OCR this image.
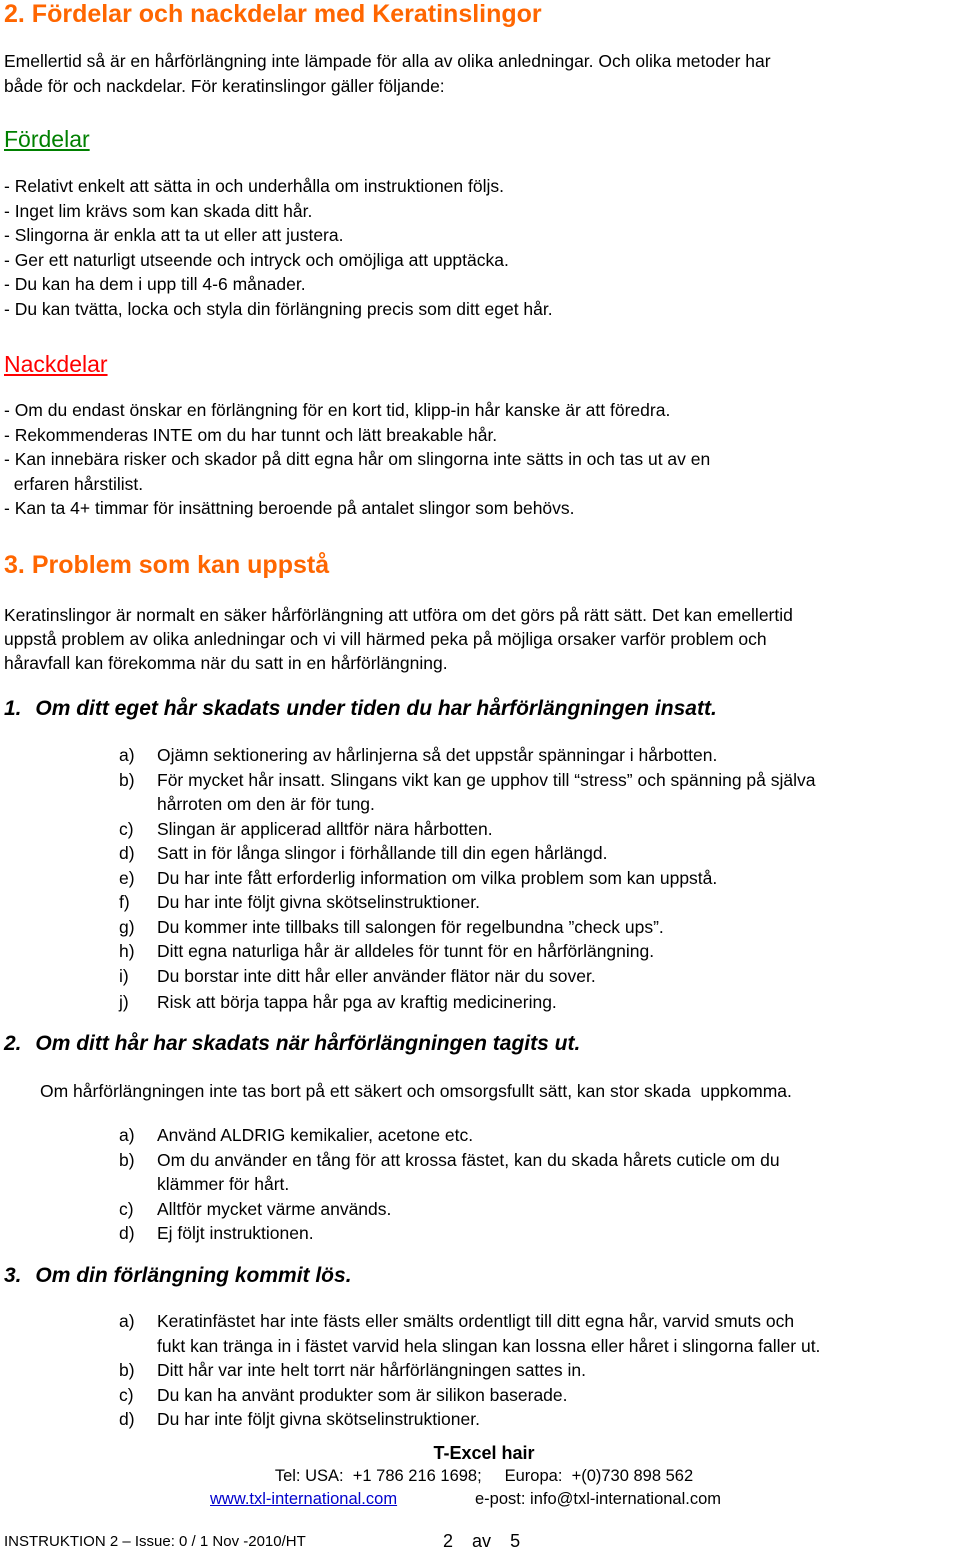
2. Fördelar och nackdelar med Keratinslingor
Emellertid så är en hårförlängning inte lämpade för alla av olika anledningar. Och olika metoder har
både för och nackdelar. För keratinslingor gäller följande:
Fördelar
- Relativt enkelt att sätta in och underhålla om instruktionen följs.
- Inget lim krävs som kan skada ditt hår.
- Slingorna är enkla att ta ut eller att justera.
- Ger ett naturligt utseende och intryck och omöjliga att upptäcka.
- Du kan ha dem i upp till 4-6 månader.
- Du kan tvätta, locka och styla din förlängning precis som ditt eget hår.
Nackdelar
- Om du endast önskar en förlängning för en kort tid, klipp-in hår kanske är att föredra.
- Rekommenderas INTE om du har tunnt och lätt breakable hår.
- Kan innebära risker och skador på ditt egna hår om slingorna inte sätts in och tas ut av en
erfaren hårstilist.
- Kan ta 4+ timmar för insättning beroende på antalet slingor som behövs.
3. Problem som kan uppstå
Keratinslingor är normalt en säker hårförlängning att utföra om det görs på rätt sätt. Det kan emellertid
uppstå problem av olika anledningar och vi vill härmed peka på möjliga orsaker varför problem och
håravfall kan förekomma när du satt in en hårförlängning.
1. Om ditt eget hår skadats under tiden du har hårförlängningen insatt.
a) Ojämn sektionering av hårlinjerna så det uppstår spänningar i hårbotten.
b) För mycket hår insatt. Slingans vikt kan ge upphov till “stress” och spänning på själva
hårroten om den är för tung.
c) Slingan är applicerad alltför nära hårbotten.
d) Satt in för långa slingor i förhållande till din egen hårlängd.
e) Du har inte fått erforderlig information om vilka problem som kan uppstå.
f) Du har inte följt givna skötselinstruktioner.
g) Du kommer inte tillbaks till salongen för regelbundna ”check ups”.
h) Ditt egna naturliga hår är alldeles för tunnt för en hårförlängning.
i) Du borstar inte ditt hår eller använder flätor när du sover.
j) Risk att börja tappa hår pga av kraftig medicinering.
2. Om ditt hår har skadats när hårförlängningen tagits ut.
Om hårförlängningen inte tas bort på ett säkert och omsorgsfullt sätt, kan stor skada  uppkomma.
a) Använd ALDRIG kemikalier, acetone etc.
b) Om du använder en tång för att krossa fästet, kan du skada hårets cuticle om du
klämmer för hårt.
c) Alltför mycket värme används.
d) Ej följt instruktionen.
3. Om din förlängning kommit lös.
a) Keratinfästet har inte fästs eller smälts ordentligt till ditt egna hår, varvid smuts och
fukt kan tränga in i fästet varvid hela slingan kan lossna eller håret i slingorna faller ut.
b) Ditt hår var inte helt torrt när hårförlängningen sattes in.
c) Du kan ha använt produkter som är silikon baserade.
d) Du har inte följt givna skötselinstruktioner.
T-Excel hair
Tel: USA:  +1 786 216 1698;     Europa:  +(0)730 898 562
www.txl-international.com	e-post: info@txl-international.com
INSTRUKTION 2 – Issue: 0 / 1 Nov -2010/HT	2 av 5
